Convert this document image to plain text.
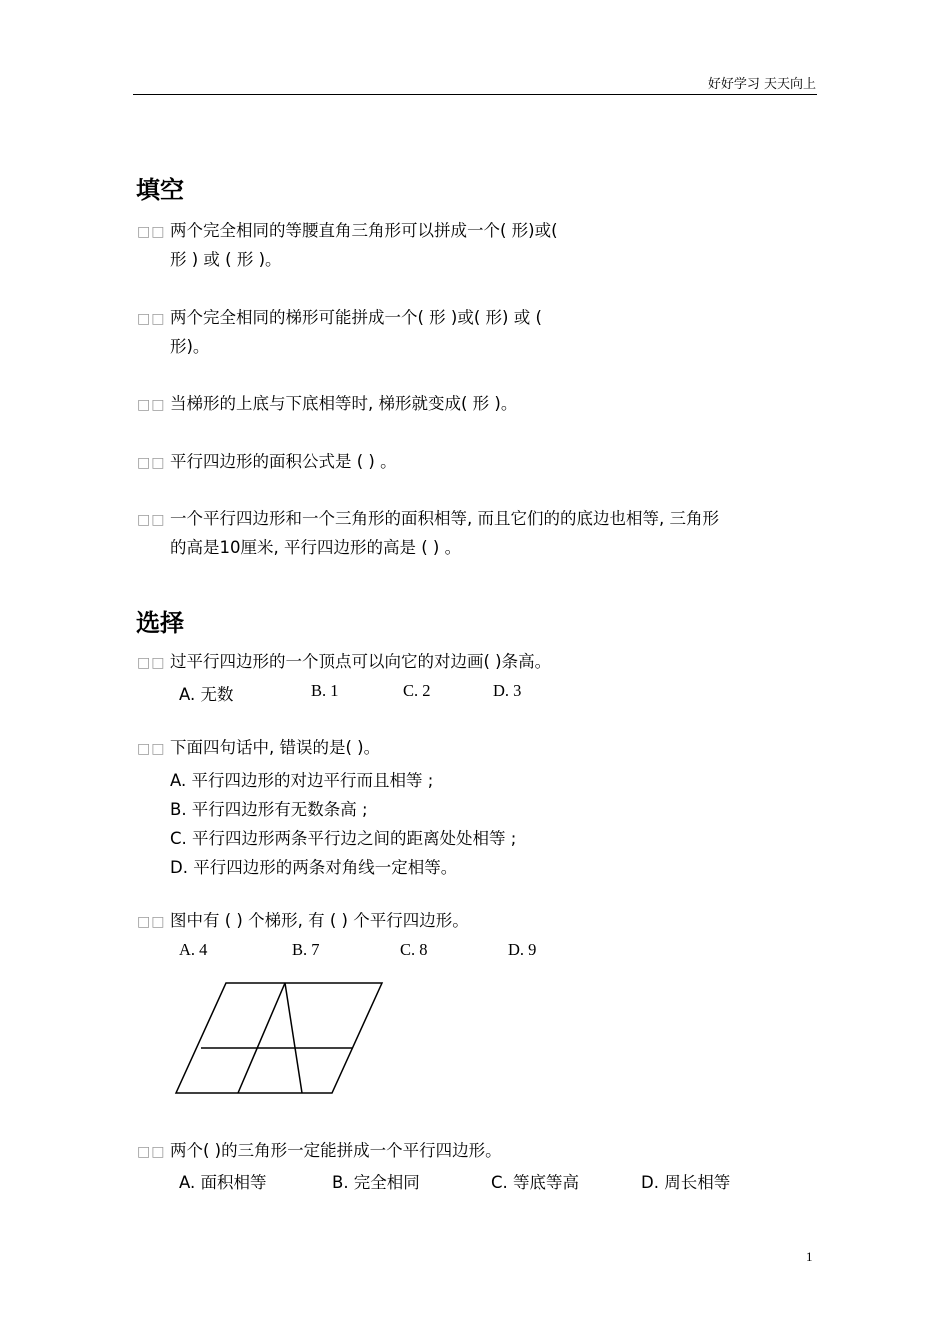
好好学习 天天向上
填空
□□ 两个完全相同的等腰直角三角形可以拼成一个( 形)或(
形 ) 或 ( 形 )。
□□ 两个完全相同的梯形可能拼成一个( 形 )或( 形) 或 (
形)。
□□ 当梯形的上底与下底相等时, 梯形就变成( 形 )。
□□ 平行四边形的面积公式是 ( ) 。
□□ 一个平行四边形和一个三角形的面积相等, 而且它们的的底边也相等, 三角形
的高是10厘米, 平行四边形的高是 ( ) 。
选择
□□ 过平行四边形的一个顶点可以向它的对边画( )条高。
A. 无数	B. 1	C. 2	D. 3
□□ 下面四句话中, 错误的是( )。
A. 平行四边形的对边平行而且相等 ;
B. 平行四边形有无数条高 ;
C. 平行四边形两条平行边之间的距离处处相等 ;
D. 平行四边形的两条对角线一定相等。
□□ 图中有 ( ) 个梯形, 有 ( ) 个平行四边形。
A. 4	B. 7	C. 8	D. 9
□□ 两个( )的三角形一定能拼成一个平行四边形。
A. 面积相等	B. 完全相同	C. 等底等高	D. 周长相等
1
